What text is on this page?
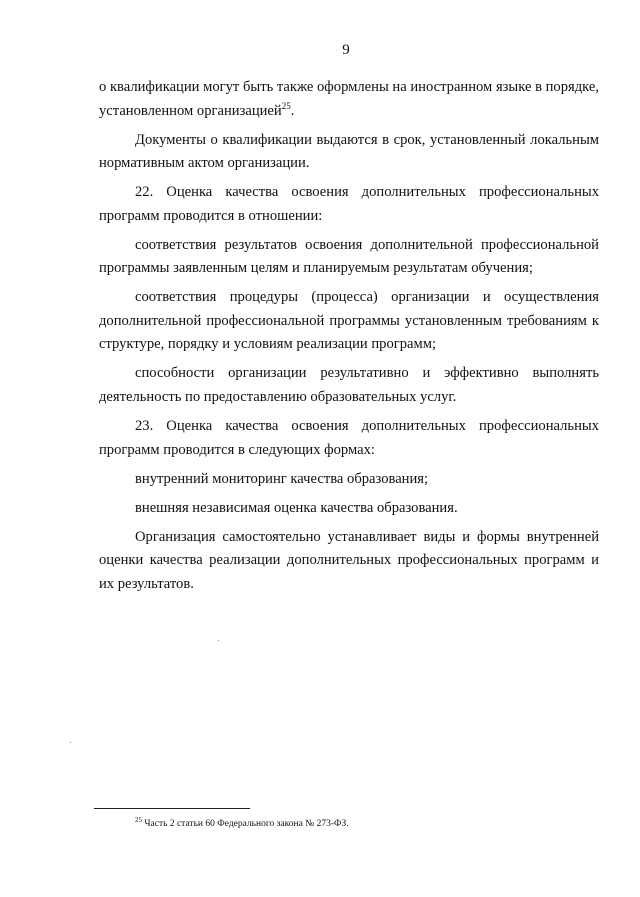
9

о квалификации могут быть также оформлены на иностранном языке в порядке, установленном организацией$^{25}$.

Документы о квалификации выдаются в срок, установленный локальным нормативным актом организации.

22. Оценка качества освоения дополнительных профессиональных программ проводится в отношении:

соответствия результатов освоения дополнительной профессиональной программы заявленным целям и планируемым результатам обучения;

соответствия процедуры (процесса) организации и осуществления дополнительной профессиональной программы установленным требованиям к структуре, порядку и условиям реализации программ;

способности организации результативно и эффективно выполнять деятельность по предоставлению образовательных услуг.

23. Оценка качества освоения дополнительных профессиональных программ проводится в следующих формах:

внутренний мониторинг качества образования;

внешняя независимая оценка качества образования.

Организация самостоятельно устанавливает виды и формы внутренней оценки качества реализации дополнительных профессиональных программ и их результатов.

$^{25}$ Часть 2 статьи 60 Федерального закона № 273-ФЗ.
